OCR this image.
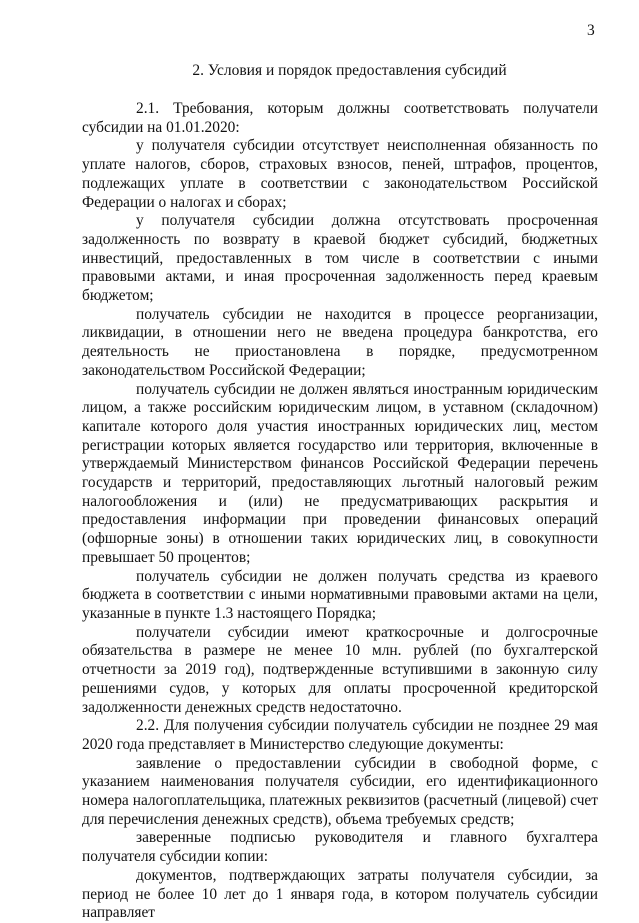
3
2. Условия и порядок предоставления субсидий

2.1. Требования, которым должны соответствовать получатели субсидии на 01.01.2020:

у получателя субсидии отсутствует неисполненная обязанность по уплате налогов, сборов, страховых взносов, пеней, штрафов, процентов, подлежащих уплате в соответствии с законодательством Российской Федерации о налогах и сборах;

у получателя субсидии должна отсутствовать просроченная задолженность по возврату в краевой бюджет субсидий, бюджетных инвестиций, предоставленных в том числе в соответствии с иными правовыми актами, и иная просроченная задолженность перед краевым бюджетом;

получатель субсидии не находится в процессе реорганизации, ликвидации, в отношении него не введена процедура банкротства, его деятельность не приостановлена в порядке, предусмотренном законодательством Российской Федерации;

получатель субсидии не должен являться иностранным юридическим лицом, а также российским юридическим лицом, в уставном (складочном) капитале которого доля участия иностранных юридических лиц, местом регистрации которых является государство или территория, включенные в утверждаемый Министерством финансов Российской Федерации перечень государств и территорий, предоставляющих льготный налоговый режим налогообложения и (или) не предусматривающих раскрытия и предоставления информации при проведении финансовых операций (офшорные зоны) в отношении таких юридических лиц, в совокупности превышает 50 процентов;

получатель субсидии не должен получать средства из краевого бюджета в соответствии с иными нормативными правовыми актами на цели, указанные в пункте 1.3 настоящего Порядка;

получатели субсидии имеют краткосрочные и долгосрочные обязательства в размере не менее 10 млн. рублей (по бухгалтерской отчетности за 2019 год), подтвержденные вступившими в законную силу решениями судов, у которых для оплаты просроченной кредиторской задолженности денежных средств недостаточно.

2.2. Для получения субсидии получатель субсидии не позднее 29 мая 2020 года представляет в Министерство следующие документы:

заявление о предоставлении субсидии в свободной форме, с указанием наименования получателя субсидии, его идентификационного номера налогоплательщика, платежных реквизитов (расчетный (лицевой) счет для перечисления денежных средств), объема требуемых средств;

заверенные подписью руководителя и главного бухгалтера получателя субсидии копии:

документов, подтверждающих затраты получателя субсидии, за период не более 10 лет до 1 января года, в котором получатель субсидии направляет
